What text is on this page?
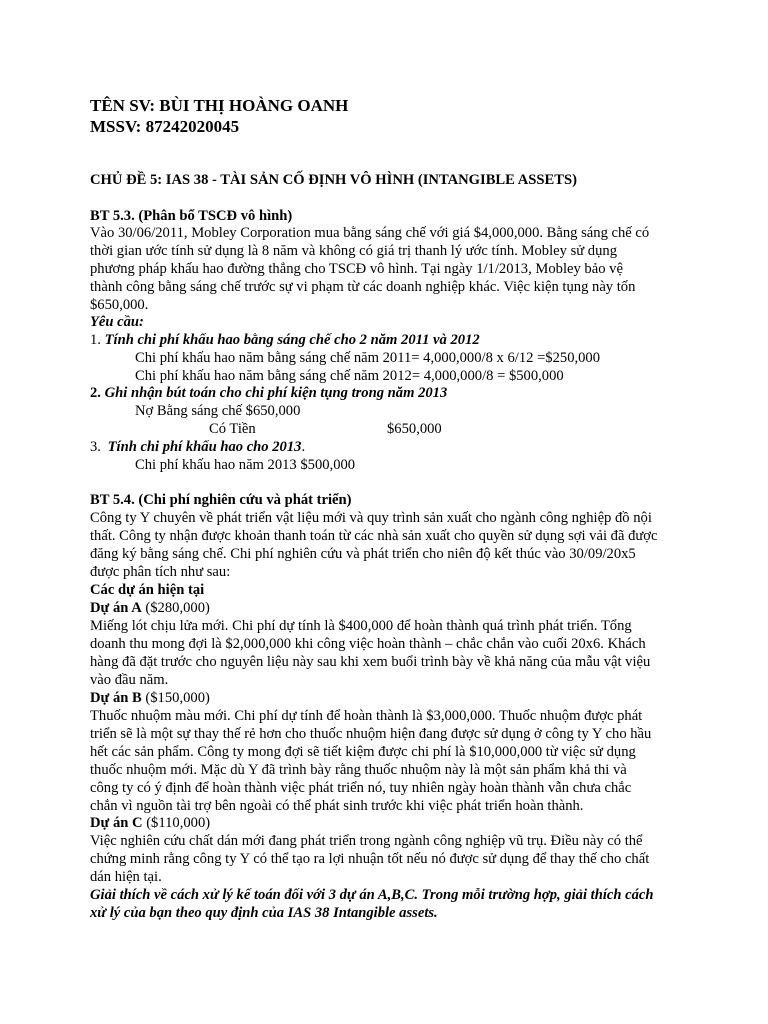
TÊN SV: BÙI THỊ HOÀNG OANH
MSSV: 87242020045
CHỦ ĐỀ 5: IAS 38 - TÀI SẢN CỐ ĐỊNH VÔ HÌNH (INTANGIBLE ASSETS)
BT 5.3. (Phân bổ TSCĐ vô hình)
Vào 30/06/2011, Mobley Corporation mua bằng sáng chế với giá $4,000,000. Bằng sáng chế có
thời gian ước tính sử dụng là 8 năm và không có giá trị thanh lý ước tính. Mobley sử dụng
phương pháp khấu hao đường thẳng cho TSCĐ vô hình. Tại ngày 1/1/2013, Mobley bảo vệ
thành công bằng sáng chế trước sự vi phạm từ các doanh nghiệp khác. Việc kiện tụng này tốn
$650,000.
Yêu cầu:
1. Tính chi phí khấu hao bằng sáng chế cho 2 năm 2011 và 2012
Chi phí khấu hao năm bằng sáng chế năm 2011= 4,000,000/8 x 6/12 =$250,000
Chi phí khấu hao năm bằng sáng chế năm 2012= 4,000,000/8 = $500,000
2. Ghi nhận bút toán cho chi phí kiện tụng trong năm 2013
Nợ Bằng sáng chế $650,000
Có Tiền	$650,000
3. Tính chi phí khấu hao cho 2013.
Chi phí khấu hao năm 2013 $500,000
BT 5.4. (Chi phí nghiên cứu và phát triển)
Công ty Y chuyên về phát triển vật liệu mới và quy trình sản xuất cho ngành công nghiệp đồ nội
thất. Công ty nhận được khoản thanh toán từ các nhà sản xuất cho quyền sử dụng sợi vải đã được
đăng ký bằng sáng chế. Chi phí nghiên cứu và phát triển cho niên độ kết thúc vào 30/09/20x5
được phân tích như sau:
Các dự án hiện tại
Dự án A ($280,000)
Miếng lót chịu lửa mới. Chi phí dự tính là $400,000 để hoàn thành quá trình phát triển. Tổng
doanh thu mong đợi là $2,000,000 khi công việc hoàn thành – chắc chắn vào cuối 20x6. Khách
hàng đã đặt trước cho nguyên liệu này sau khi xem buổi trình bày về khả năng của mẫu vật việu
vào đầu năm.
Dự án B ($150,000)
Thuốc nhuộm màu mới. Chi phí dự tính để hoàn thành là $3,000,000. Thuốc nhuộm được phát
triển sẽ là một sự thay thế rẻ hơn cho thuốc nhuộm hiện đang được sử dụng ở công ty Y cho hầu
hết các sản phẩm. Công ty mong đợi sẽ tiết kiệm được chi phí là $10,000,000 từ việc sử dụng
thuốc nhuộm mới. Mặc dù Y đã trình bày rằng thuốc nhuộm này là một sản phẩm khả thi và
công ty có ý định để hoàn thành việc phát triển nó, tuy nhiên ngày hoàn thành vẫn chưa chắc
chắn vì nguồn tài trợ bên ngoài có thể phát sinh trước khi việc phát triển hoàn thành.
Dự án C ($110,000)
Việc nghiên cứu chất dán mới đang phát triển trong ngành công nghiệp vũ trụ. Điều này có thể
chứng minh rằng công ty Y có thể tạo ra lợi nhuận tốt nếu nó được sử dụng để thay thế cho chất
dán hiện tại.
Giải thích về cách xử lý kế toán đối với 3 dự án A,B,C. Trong mỗi trường hợp, giải thích cách
xử lý của bạn theo quy định của IAS 38 Intangible assets.
